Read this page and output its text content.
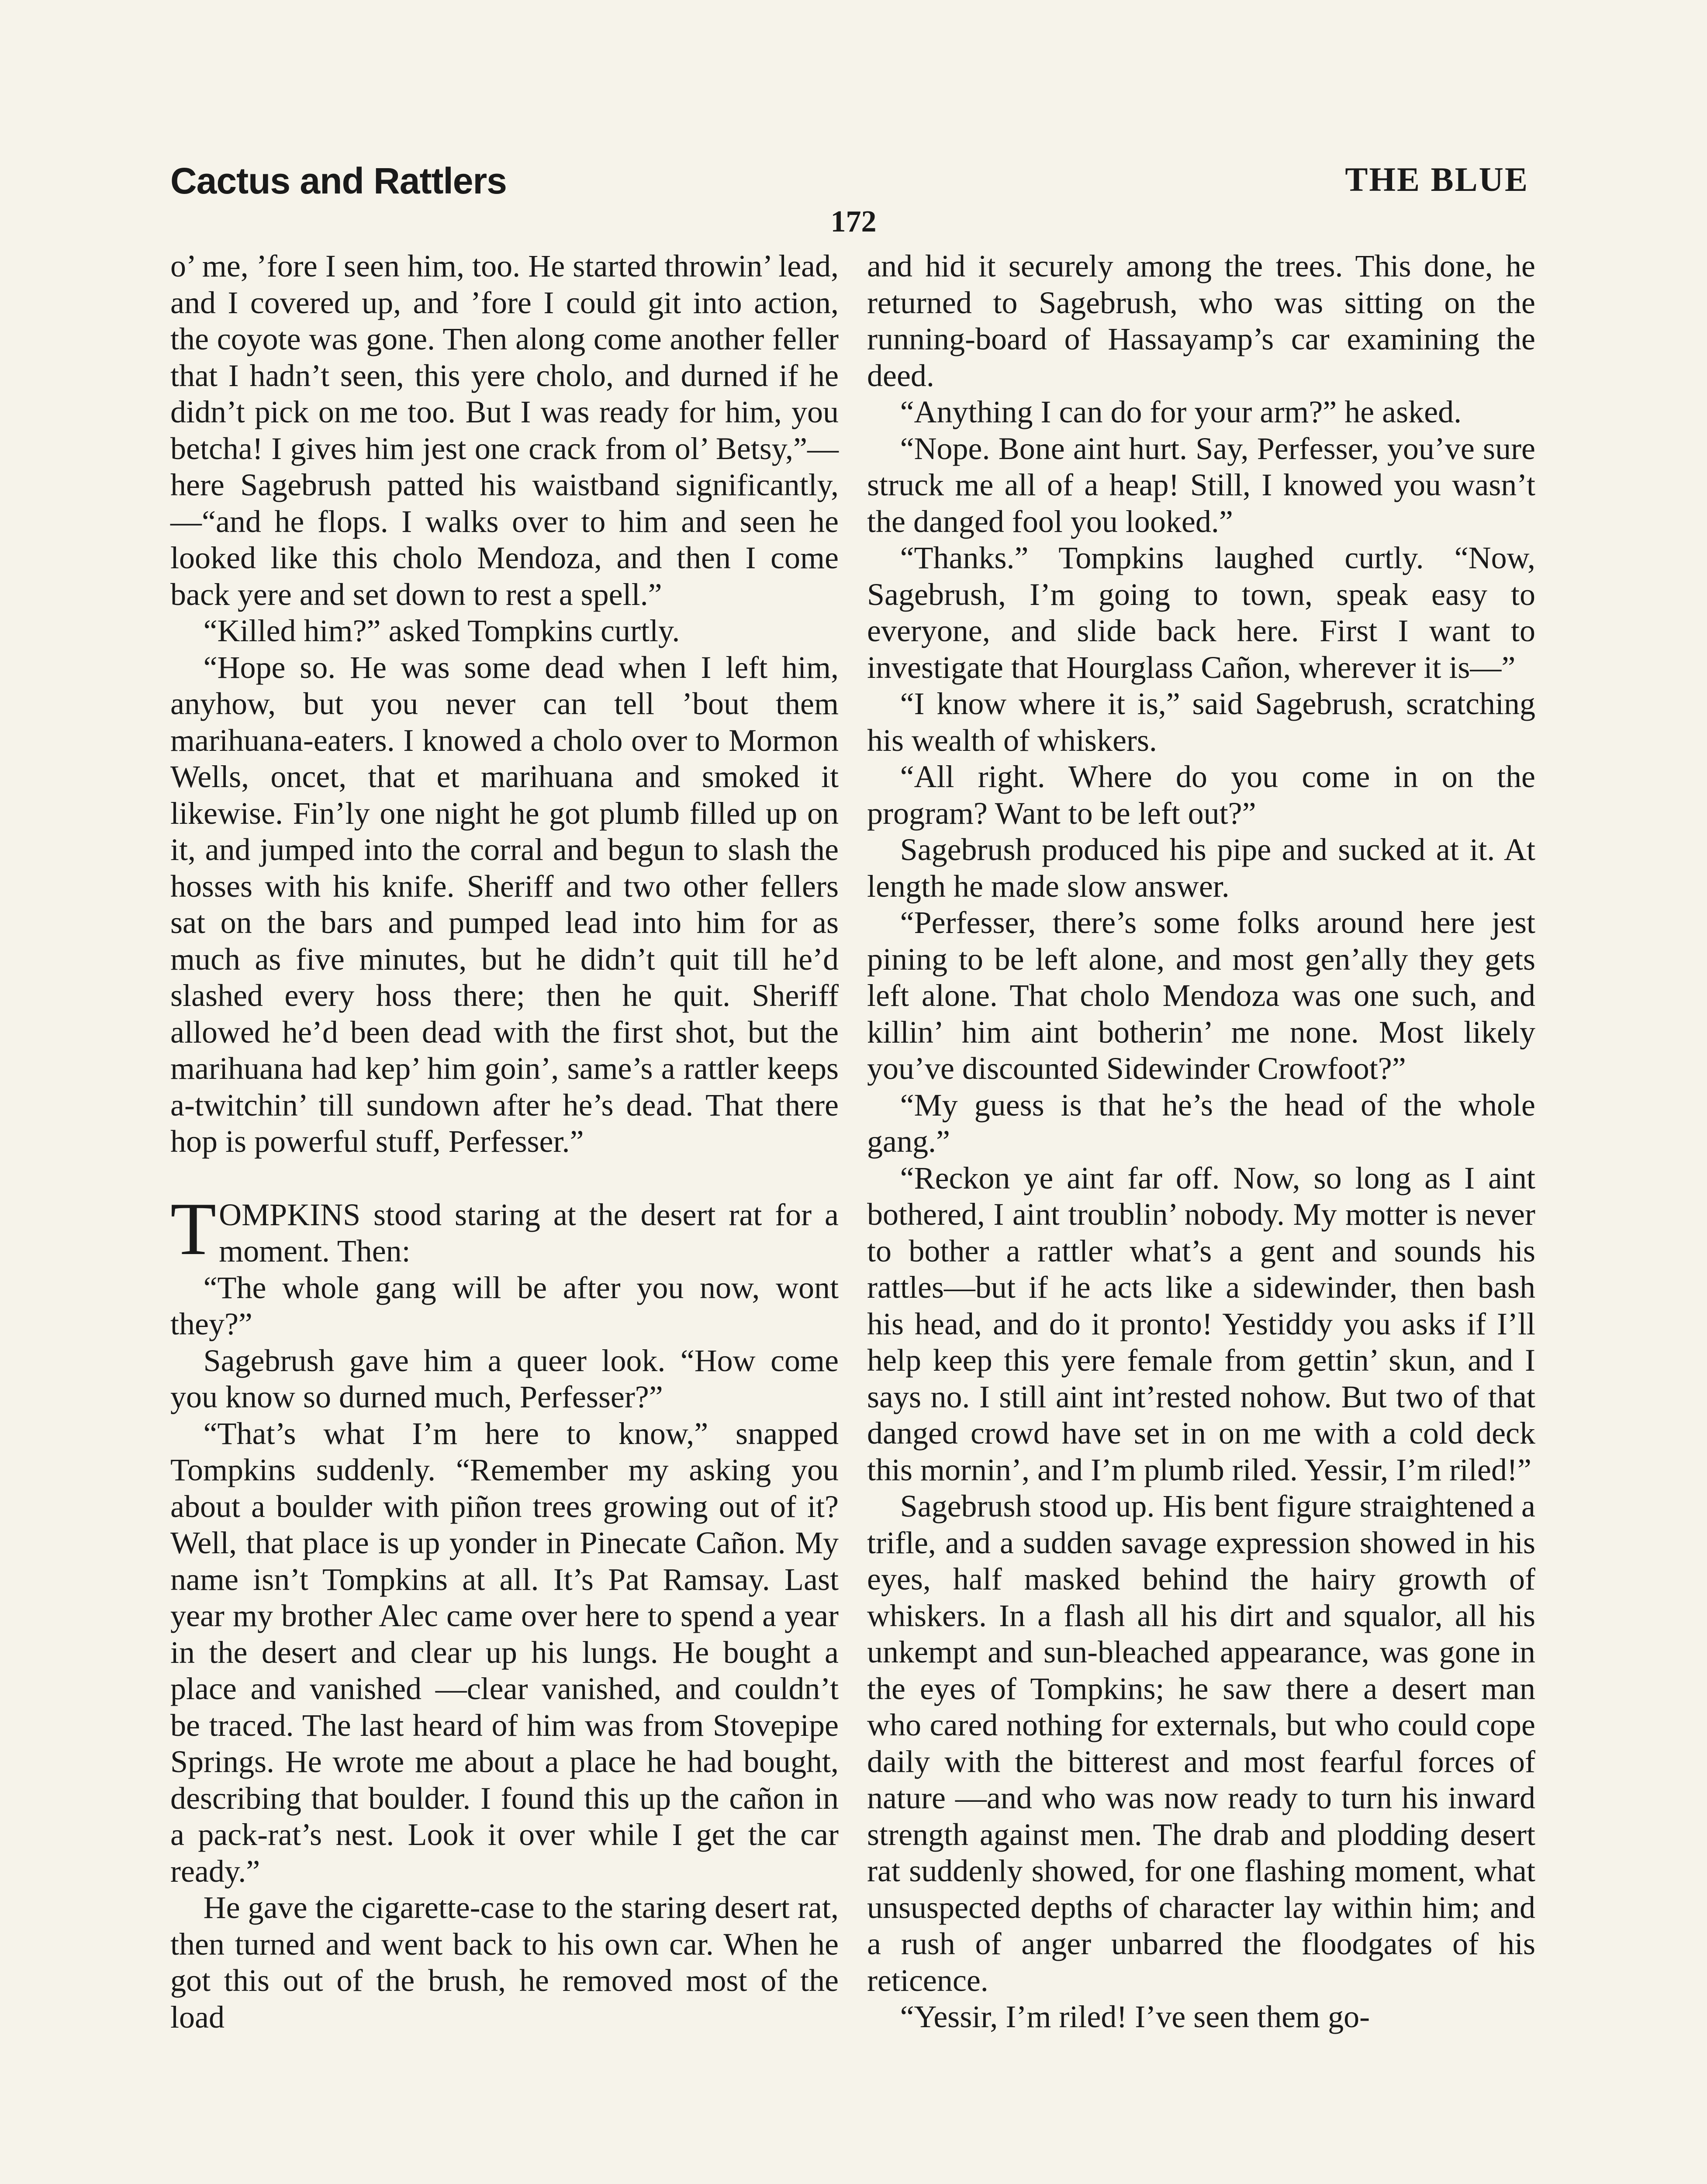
Cactus and Rattlers	THE BLUE
172

o’ me, ’fore I seen him, too. He started throwin’ lead, and I covered up, and ’fore I could git into action, the coyote was gone. Then along come another feller that I hadn’t seen, this yere cholo, and durned if he didn’t pick on me too. But I was ready for him, you betcha! I gives him jest one crack from ol’ Betsy,”—here Sagebrush patted his waistband significantly,—“and he flops. I walks over to him and seen he looked like this cholo Mendoza, and then I come back yere and set down to rest a spell.”

“Killed him?” asked Tompkins curtly.

“Hope so. He was some dead when I left him, anyhow, but you never can tell ’bout them marihuana-eaters. I knowed a cholo over to Mormon Wells, oncet, that et marihuana and smoked it likewise. Fin’ly one night he got plumb filled up on it, and jumped into the corral and begun to slash the hosses with his knife. Sheriff and two other fellers sat on the bars and pumped lead into him for as much as five minutes, but he didn’t quit till he’d slashed every hoss there; then he quit. Sheriff allowed he’d been dead with the first shot, but the marihuana had kep’ him goin’, same’s a rattler keeps a-twitchin’ till sundown after he’s dead. That there hop is powerful stuff, Perfesser.”

TOMPKINS stood staring at the desert rat for a moment. Then:

“The whole gang will be after you now, wont they?”

Sagebrush gave him a queer look. “How come you know so durned much, Perfesser?”

“That’s what I’m here to know,” snapped Tompkins suddenly. “Remember my asking you about a boulder with piñon trees growing out of it? Well, that place is up yonder in Pinecate Cañon. My name isn’t Tompkins at all. It’s Pat Ramsay. Last year my brother Alec came over here to spend a year in the desert and clear up his lungs. He bought a place and vanished —clear vanished, and couldn’t be traced. The last heard of him was from Stovepipe Springs. He wrote me about a place he had bought, describing that boulder. I found this up the cañon in a pack-rat’s nest. Look it over while I get the car ready.”

He gave the cigarette-case to the staring desert rat, then turned and went back to his own car. When he got this out of the brush, he removed most of the load

and hid it securely among the trees. This done, he returned to Sagebrush, who was sitting on the running-board of Hassayamp’s car examining the deed.

“Anything I can do for your arm?” he asked.

“Nope. Bone aint hurt. Say, Perfesser, you’ve sure struck me all of a heap! Still, I knowed you wasn’t the danged fool you looked.”

“Thanks.” Tompkins laughed curtly. “Now, Sagebrush, I’m going to town, speak easy to everyone, and slide back here. First I want to investigate that Hourglass Cañon, wherever it is—”

“I know where it is,” said Sagebrush, scratching his wealth of whiskers.

“All right. Where do you come in on the program? Want to be left out?”

Sagebrush produced his pipe and sucked at it. At length he made slow answer.

“Perfesser, there’s some folks around here jest pining to be left alone, and most gen’ally they gets left alone. That cholo Mendoza was one such, and killin’ him aint botherin’ me none. Most likely you’ve discounted Sidewinder Crowfoot?”

“My guess is that he’s the head of the whole gang.”

“Reckon ye aint far off. Now, so long as I aint bothered, I aint troublin’ nobody. My motter is never to bother a rattler what’s a gent and sounds his rattles—but if he acts like a sidewinder, then bash his head, and do it pronto! Yestiddy you asks if I’ll help keep this yere female from gettin’ skun, and I says no. I still aint int’rested nohow. But two of that danged crowd have set in on me with a cold deck this mornin’, and I’m plumb riled. Yessir, I’m riled!”

Sagebrush stood up. His bent figure straightened a trifle, and a sudden savage expression showed in his eyes, half masked behind the hairy growth of whiskers. In a flash all his dirt and squalor, all his unkempt and sun-bleached appearance, was gone in the eyes of Tompkins; he saw there a desert man who cared nothing for externals, but who could cope daily with the bitterest and most fearful forces of nature —and who was now ready to turn his inward strength against men. The drab and plodding desert rat suddenly showed, for one flashing moment, what unsuspected depths of character lay within him; and a rush of anger unbarred the floodgates of his reticence.

“Yessir, I’m riled! I’ve seen them go-
